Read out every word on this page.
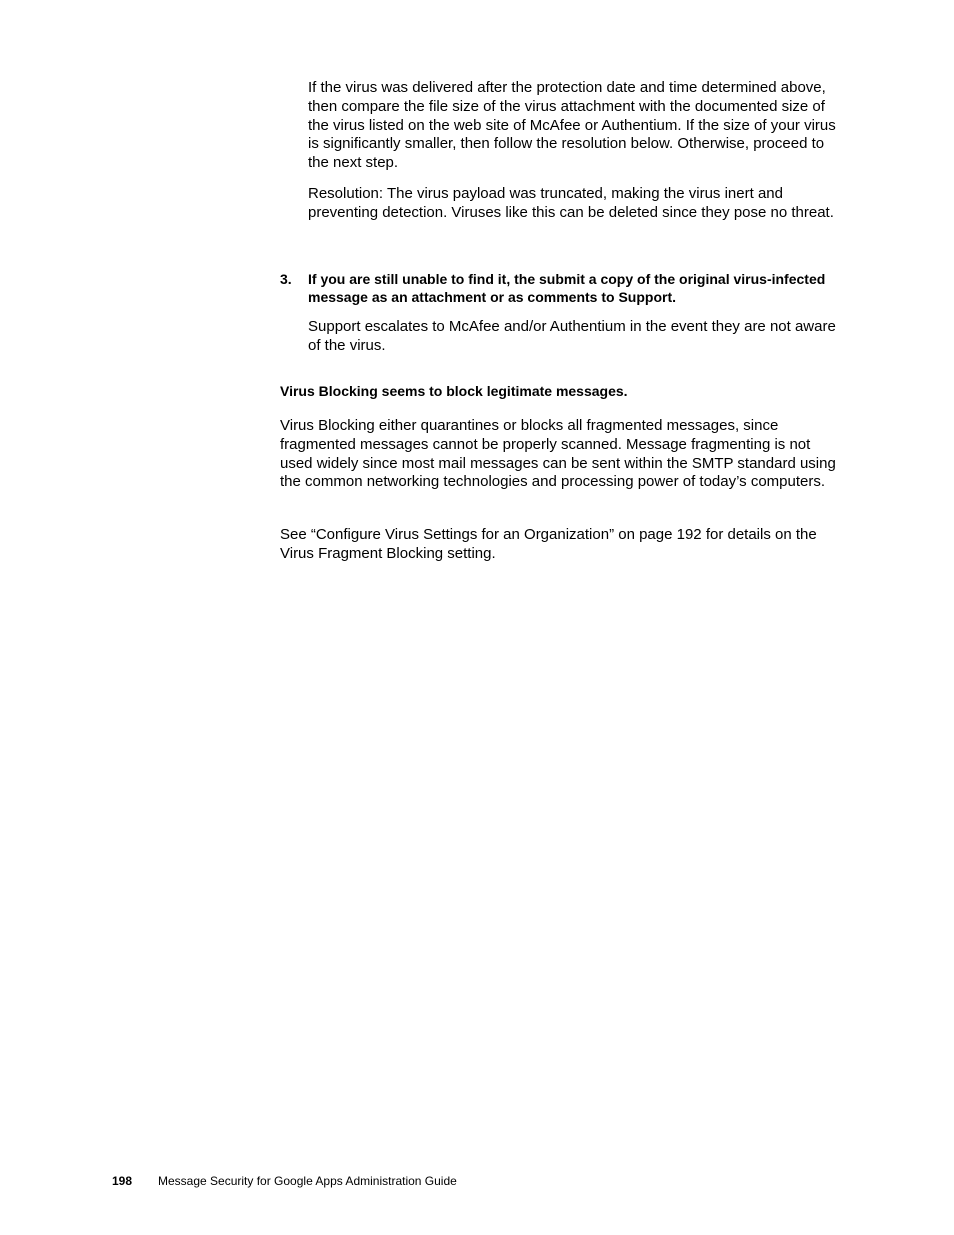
If the virus was delivered after the protection date and time determined above, then compare the file size of the virus attachment with the documented size of the virus listed on the web site of McAfee or Authentium. If the size of your virus is significantly smaller, then follow the resolution below. Otherwise, proceed to the next step.

Resolution: The virus payload was truncated, making the virus inert and preventing detection. Viruses like this can be deleted since they pose no threat.

3. If you are still unable to find it, the submit a copy of the original virus-infected message as an attachment or as comments to Support.

Support escalates to McAfee and/or Authentium in the event they are not aware of the virus.

Virus Blocking seems to block legitimate messages.

Virus Blocking either quarantines or blocks all fragmented messages, since fragmented messages cannot be properly scanned. Message fragmenting is not used widely since most mail messages can be sent within the SMTP standard using the common networking technologies and processing power of today’s computers.

See “Configure Virus Settings for an Organization” on page 192 for details on the Virus Fragment Blocking setting.

198 Message Security for Google Apps Administration Guide
